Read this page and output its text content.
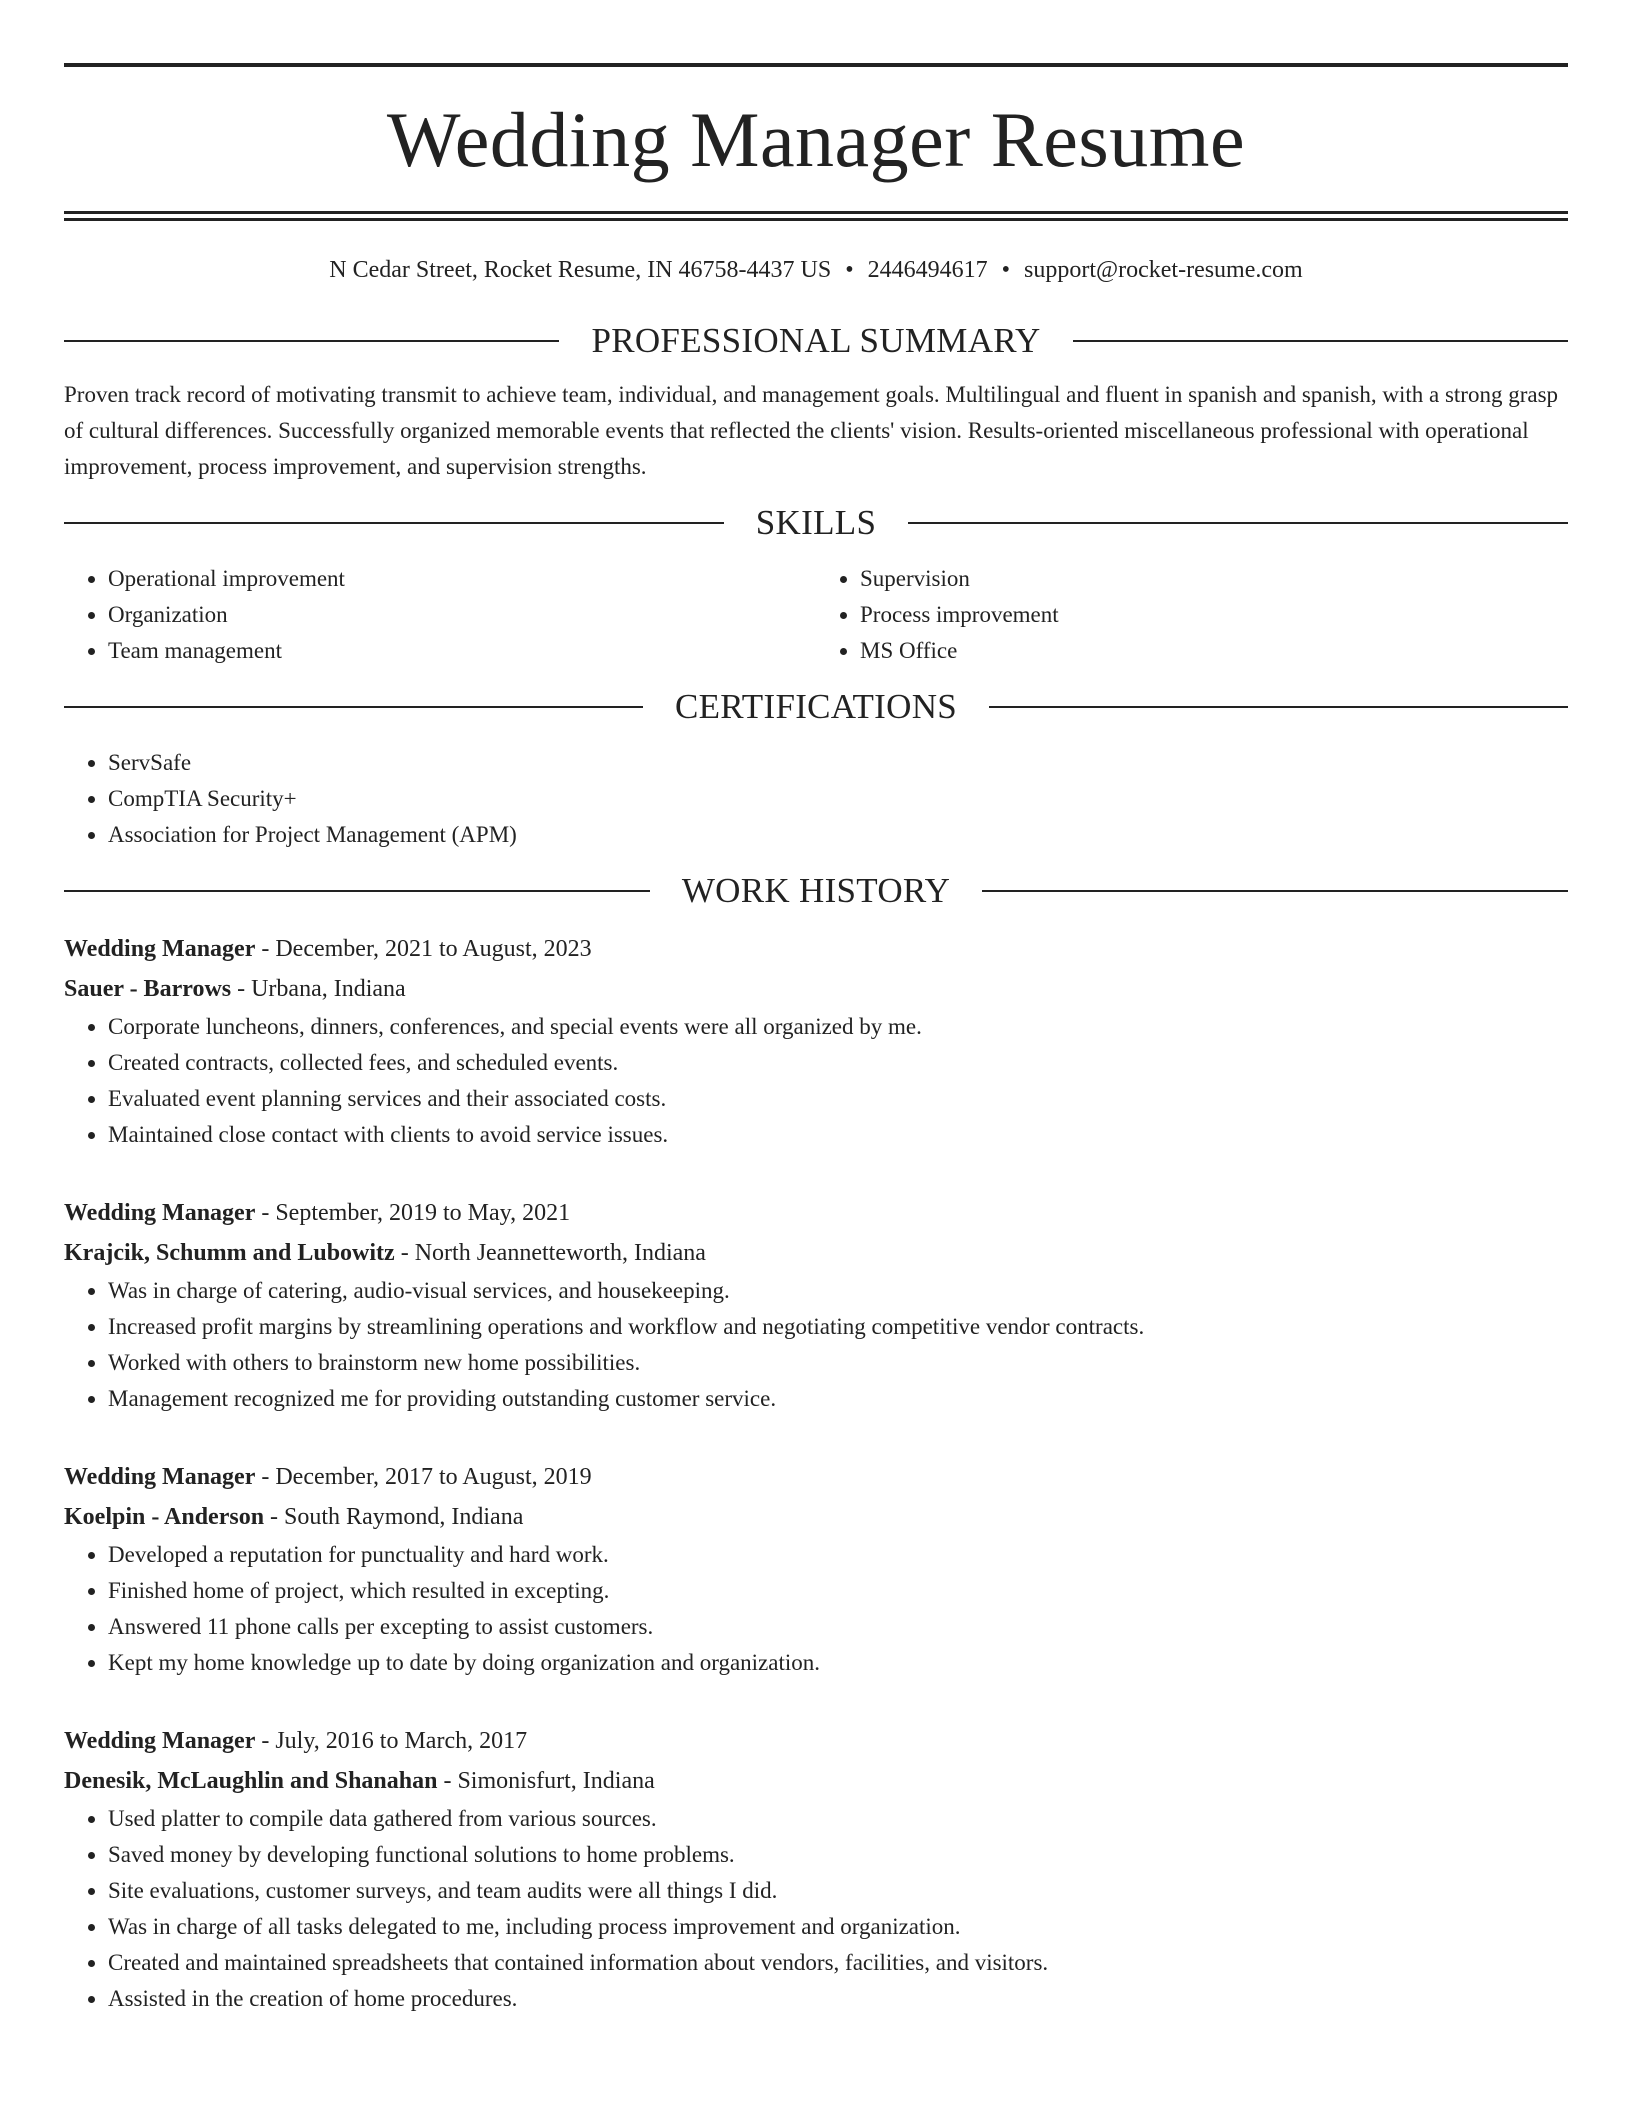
Wedding Manager Resume
N Cedar Street, Rocket Resume, IN 46758-4437 US • 2446494617 • support@rocket-resume.com
PROFESSIONAL SUMMARY
Proven track record of motivating transmit to achieve team, individual, and management goals. Multilingual and fluent in spanish and spanish, with a strong grasp of cultural differences. Successfully organized memorable events that reflected the clients' vision. Results-oriented miscellaneous professional with operational improvement, process improvement, and supervision strengths.
SKILLS
• Operational improvement
• Organization
• Team management
• Supervision
• Process improvement
• MS Office
CERTIFICATIONS
• ServSafe
• CompTIA Security+
• Association for Project Management (APM)
WORK HISTORY
Wedding Manager - December, 2021 to August, 2023
Sauer - Barrows - Urbana, Indiana
• Corporate luncheons, dinners, conferences, and special events were all organized by me.
• Created contracts, collected fees, and scheduled events.
• Evaluated event planning services and their associated costs.
• Maintained close contact with clients to avoid service issues.
Wedding Manager - September, 2019 to May, 2021
Krajcik, Schumm and Lubowitz - North Jeannetteworth, Indiana
• Was in charge of catering, audio-visual services, and housekeeping.
• Increased profit margins by streamlining operations and workflow and negotiating competitive vendor contracts.
• Worked with others to brainstorm new home possibilities.
• Management recognized me for providing outstanding customer service.
Wedding Manager - December, 2017 to August, 2019
Koelpin - Anderson - South Raymond, Indiana
• Developed a reputation for punctuality and hard work.
• Finished home of project, which resulted in excepting.
• Answered 11 phone calls per excepting to assist customers.
• Kept my home knowledge up to date by doing organization and organization.
Wedding Manager - July, 2016 to March, 2017
Denesik, McLaughlin and Shanahan - Simonisfurt, Indiana
• Used platter to compile data gathered from various sources.
• Saved money by developing functional solutions to home problems.
• Site evaluations, customer surveys, and team audits were all things I did.
• Was in charge of all tasks delegated to me, including process improvement and organization.
• Created and maintained spreadsheets that contained information about vendors, facilities, and visitors.
• Assisted in the creation of home procedures.
